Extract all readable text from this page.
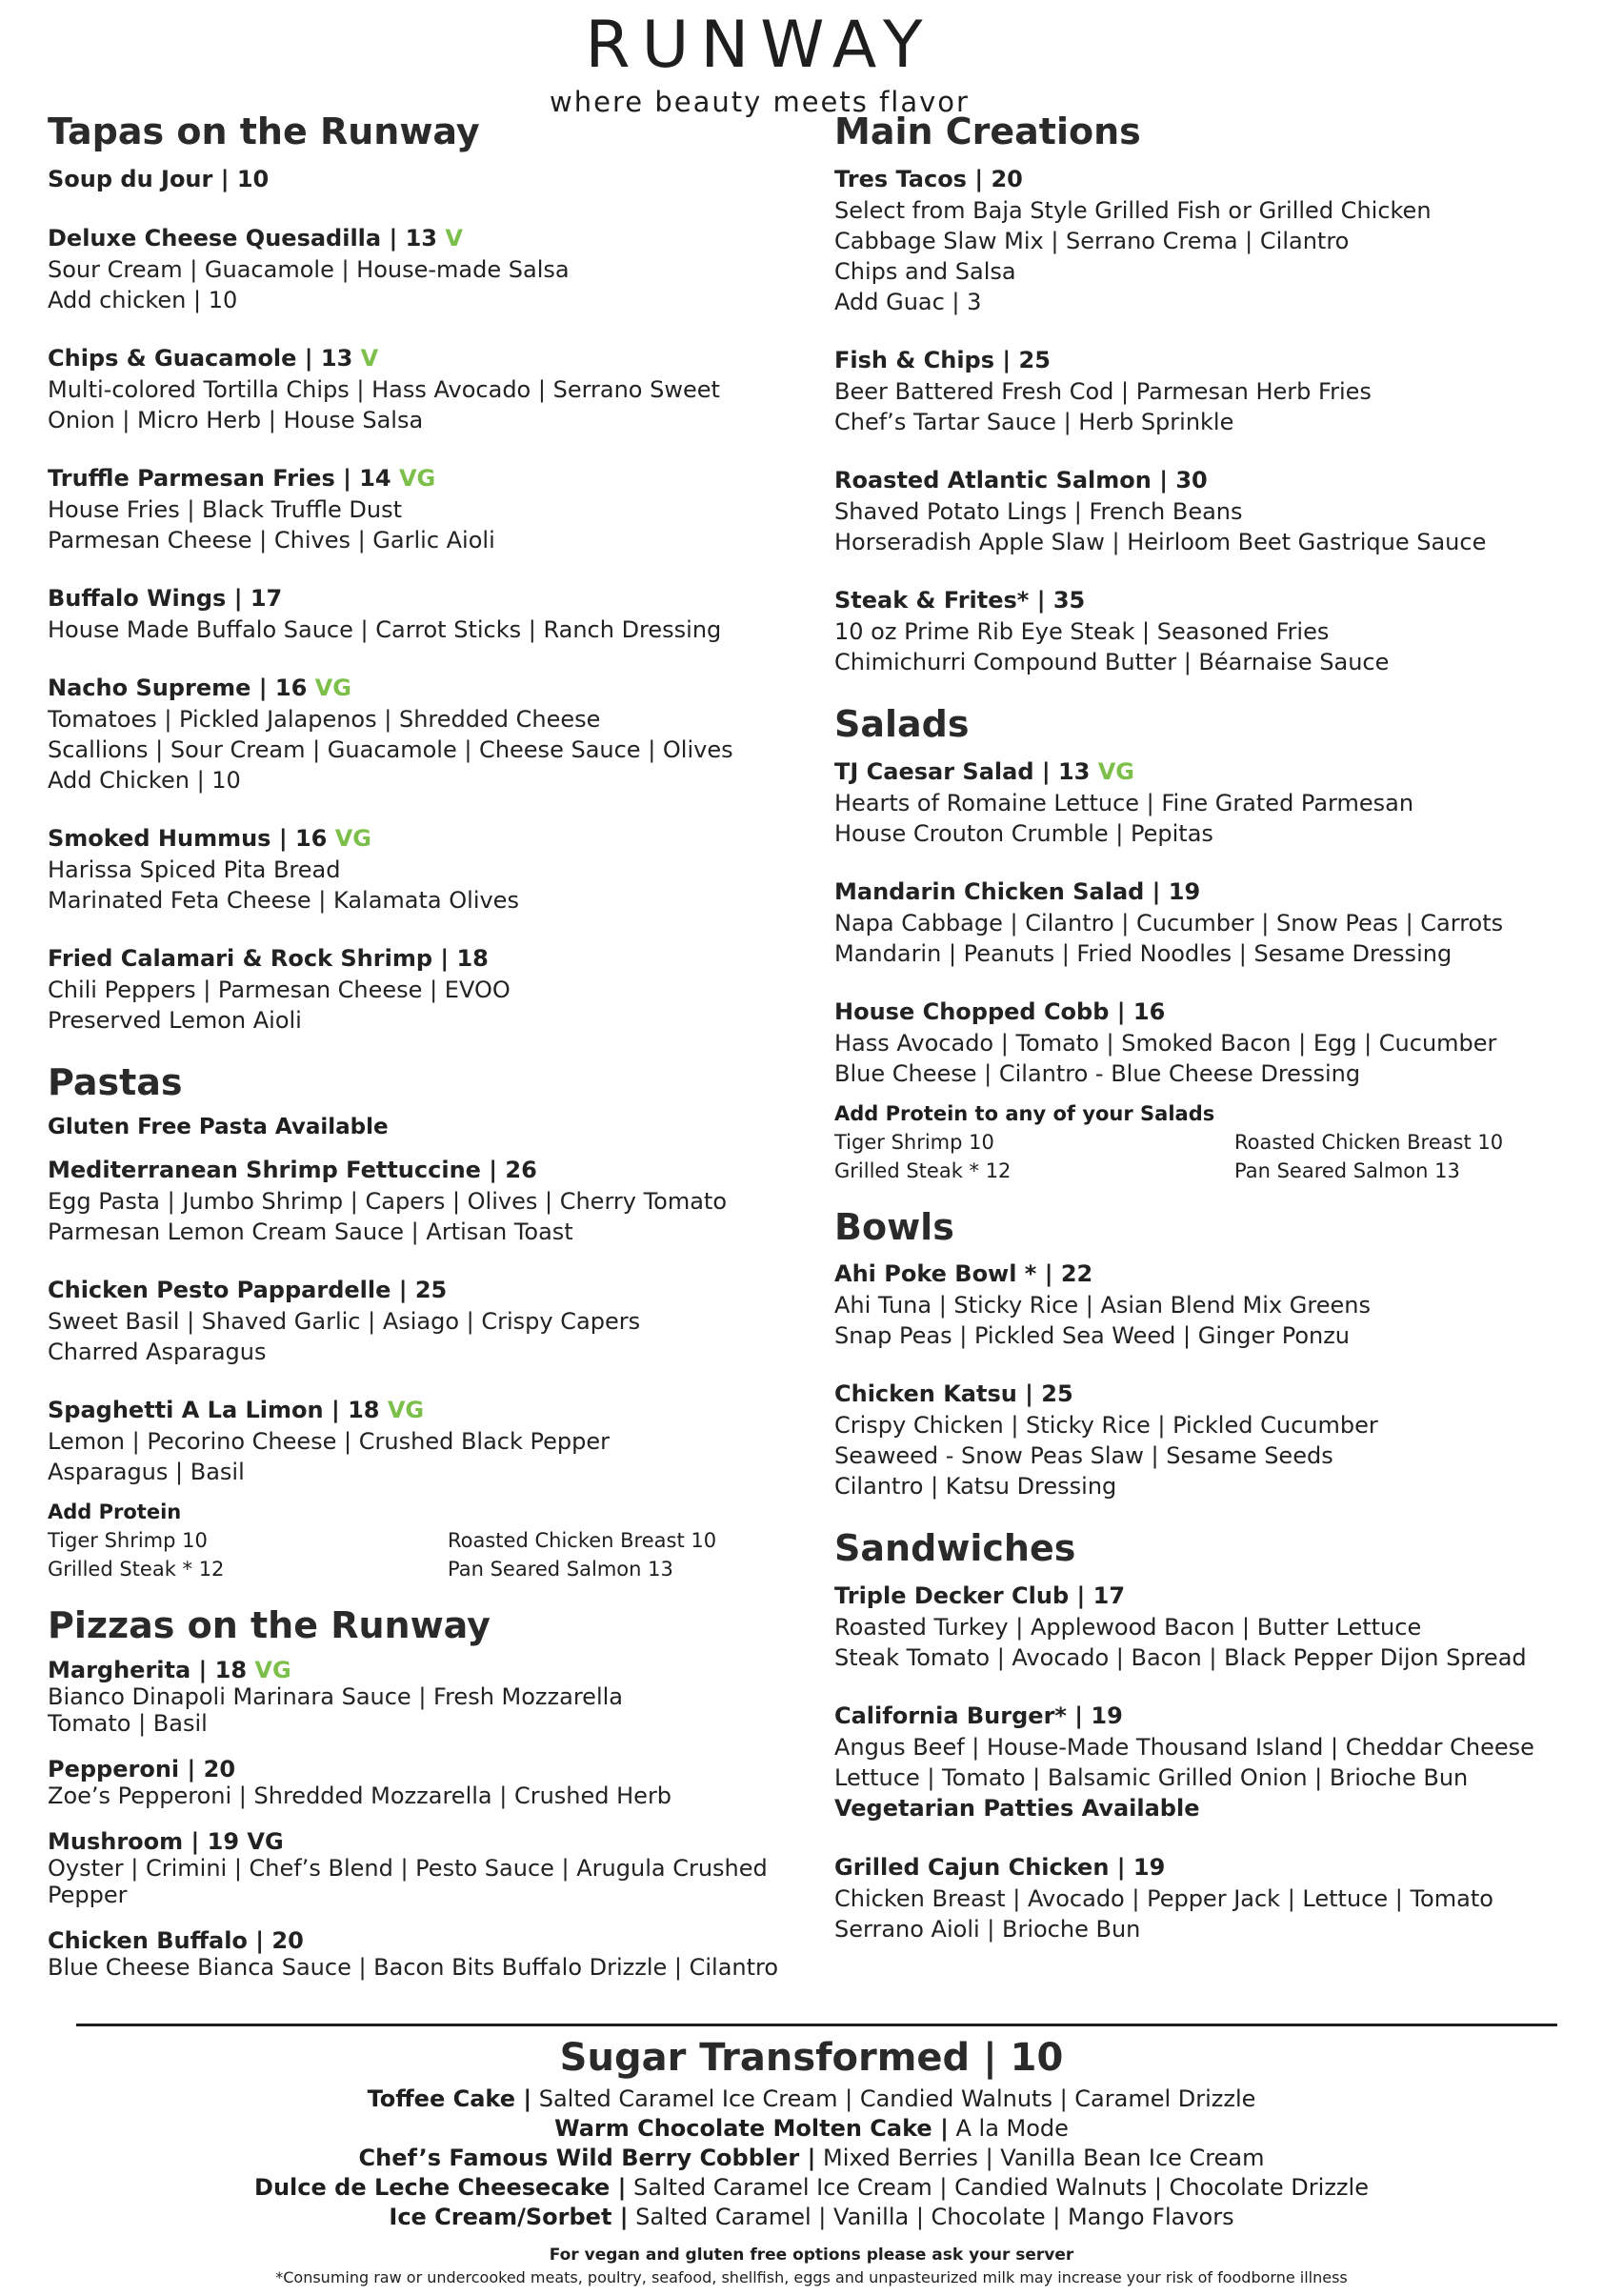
RUNWAY
where beauty meets flavor
Tapas on the Runway
Soup du Jour | 10
Deluxe Cheese Quesadilla | 13 V
Sour Cream | Guacamole | House-made Salsa
Add chicken | 10
Chips & Guacamole | 13 V
Multi-colored Tortilla Chips | Hass Avocado | Serrano Sweet
Onion | Micro Herb | House Salsa
Truffle Parmesan Fries | 14 VG
House Fries | Black Truffle Dust
Parmesan Cheese | Chives | Garlic Aioli
Buffalo Wings | 17
House Made Buffalo Sauce | Carrot Sticks | Ranch Dressing
Nacho Supreme | 16 VG
Tomatoes | Pickled Jalapenos | Shredded Cheese
Scallions | Sour Cream | Guacamole | Cheese Sauce | Olives
Add Chicken | 10
Smoked Hummus | 16 VG
Harissa Spiced Pita Bread
Marinated Feta Cheese | Kalamata Olives
Fried Calamari & Rock Shrimp | 18
Chili Peppers | Parmesan Cheese | EVOO
Preserved Lemon Aioli
Pastas
Gluten Free Pasta Available
Mediterranean Shrimp Fettuccine | 26
Egg Pasta | Jumbo Shrimp | Capers | Olives | Cherry Tomato
Parmesan Lemon Cream Sauce | Artisan Toast
Chicken Pesto Pappardelle | 25
Sweet Basil | Shaved Garlic | Asiago | Crispy Capers
Charred Asparagus
Spaghetti A La Limon | 18 VG
Lemon | Pecorino Cheese | Crushed Black Pepper
Asparagus | Basil
Add Protein
Tiger Shrimp 10	Roasted Chicken Breast 10
Grilled Steak * 12	Pan Seared Salmon 13
Pizzas on the Runway
Margherita | 18 VG
Bianco Dinapoli Marinara Sauce | Fresh Mozzarella
Tomato | Basil
Pepperoni | 20
Zoe’s Pepperoni | Shredded Mozzarella | Crushed Herb
Mushroom | 19 VG
Oyster | Crimini | Chef’s Blend | Pesto Sauce | Arugula Crushed
Pepper
Chicken Buffalo | 20
Blue Cheese Bianca Sauce | Bacon Bits Buffalo Drizzle | Cilantro
Main Creations
Tres Tacos | 20
Select from Baja Style Grilled Fish or Grilled Chicken
Cabbage Slaw Mix | Serrano Crema | Cilantro
Chips and Salsa
Add Guac | 3
Fish & Chips | 25
Beer Battered Fresh Cod | Parmesan Herb Fries
Chef’s Tartar Sauce | Herb Sprinkle
Roasted Atlantic Salmon | 30
Shaved Potato Lings | French Beans
Horseradish Apple Slaw | Heirloom Beet Gastrique Sauce
Steak & Frites* | 35
10 oz Prime Rib Eye Steak | Seasoned Fries
Chimichurri Compound Butter | Béarnaise Sauce
Salads
TJ Caesar Salad | 13 VG
Hearts of Romaine Lettuce | Fine Grated Parmesan
House Crouton Crumble | Pepitas
Mandarin Chicken Salad | 19
Napa Cabbage | Cilantro | Cucumber | Snow Peas | Carrots
Mandarin | Peanuts | Fried Noodles | Sesame Dressing
House Chopped Cobb | 16
Hass Avocado | Tomato | Smoked Bacon | Egg | Cucumber
Blue Cheese | Cilantro - Blue Cheese Dressing
Add Protein to any of your Salads
Tiger Shrimp 10	Roasted Chicken Breast 10
Grilled Steak * 12	Pan Seared Salmon 13
Bowls
Ahi Poke Bowl * | 22
Ahi Tuna | Sticky Rice | Asian Blend Mix Greens
Snap Peas | Pickled Sea Weed | Ginger Ponzu
Chicken Katsu | 25
Crispy Chicken | Sticky Rice | Pickled Cucumber
Seaweed - Snow Peas Slaw | Sesame Seeds
Cilantro | Katsu Dressing
Sandwiches
Triple Decker Club | 17
Roasted Turkey | Applewood Bacon | Butter Lettuce
Steak Tomato | Avocado | Bacon | Black Pepper Dijon Spread
California Burger* | 19
Angus Beef | House-Made Thousand Island | Cheddar Cheese
Lettuce | Tomato | Balsamic Grilled Onion | Brioche Bun
Vegetarian Patties Available
Grilled Cajun Chicken | 19
Chicken Breast | Avocado | Pepper Jack | Lettuce | Tomato
Serrano Aioli | Brioche Bun
Sugar Transformed | 10
Toffee Cake | Salted Caramel Ice Cream | Candied Walnuts | Caramel Drizzle
Warm Chocolate Molten Cake | A la Mode
Chef’s Famous Wild Berry Cobbler | Mixed Berries | Vanilla Bean Ice Cream
Dulce de Leche Cheesecake | Salted Caramel Ice Cream | Candied Walnuts | Chocolate Drizzle
Ice Cream/Sorbet | Salted Caramel | Vanilla | Chocolate | Mango Flavors
For vegan and gluten free options please ask your server
*Consuming raw or undercooked meats, poultry, seafood, shellfish, eggs and unpasteurized milk may increase your risk of foodborne illness
